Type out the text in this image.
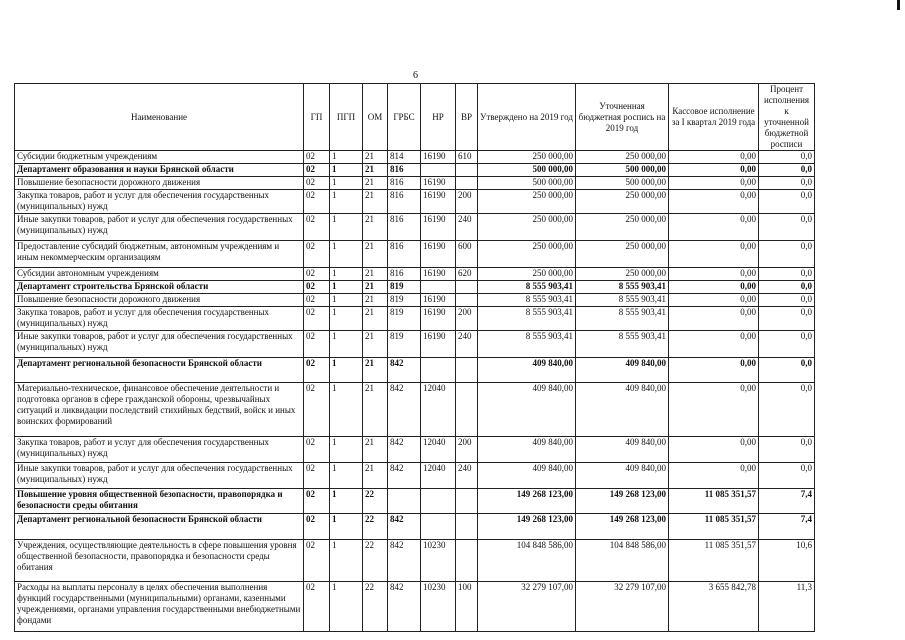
6
Наименование	ГП	ПГП	ОМ	ГРБС	НР	ВР	Утверждено на 2019 год	Уточненная бюджетная роспись на 2019 год	Кассовое исполнение за I квартал 2019 года	Процент исполнения к уточненной бюджетной росписи
Субсидии бюджетным учреждениям	02	1	21	814	16190	610	250 000,00	250 000,00	0,00	0,0
Департамент образования и науки Брянской области	02	1	21	816			500 000,00	500 000,00	0,00	0,0
Повышение безопасности дорожного движения	02	1	21	816	16190		500 000,00	500 000,00	0,00	0,0
Закупка товаров, работ и услуг для обеспечения государственных (муниципальных) нужд	02	1	21	816	16190	200	250 000,00	250 000,00	0,00	0,0
Иные закупки товаров, работ и услуг для обеспечения государственных (муниципальных) нужд	02	1	21	816	16190	240	250 000,00	250 000,00	0,00	0,0
Предоставление субсидий бюджетным, автономным учреждениям и иным некоммерческим организациям	02	1	21	816	16190	600	250 000,00	250 000,00	0,00	0,0
Субсидии автономным учреждениям	02	1	21	816	16190	620	250 000,00	250 000,00	0,00	0,0
Департамент строительства Брянской области	02	1	21	819			8 555 903,41	8 555 903,41	0,00	0,0
Повышение безопасности дорожного движения	02	1	21	819	16190		8 555 903,41	8 555 903,41	0,00	0,0
Закупка товаров, работ и услуг для обеспечения государственных (муниципальных) нужд	02	1	21	819	16190	200	8 555 903,41	8 555 903,41	0,00	0,0
Иные закупки товаров, работ и услуг для обеспечения государственных (муниципальных) нужд	02	1	21	819	16190	240	8 555 903,41	8 555 903,41	0,00	0,0
Департамент региональной безопасности Брянской области	02	1	21	842			409 840,00	409 840,00	0,00	0,0
Материально-техническое, финансовое обеспечение деятельности и подготовка органов в сфере гражданской обороны, чрезвычайных ситуаций и ликвидации последствий стихийных бедствий, войск и иных воинских формирований	02	1	21	842	12040		409 840,00	409 840,00	0,00	0,0
Закупка товаров, работ и услуг для обеспечения государственных (муниципальных) нужд	02	1	21	842	12040	200	409 840,00	409 840,00	0,00	0,0
Иные закупки товаров, работ и услуг для обеспечения государственных (муниципальных) нужд	02	1	21	842	12040	240	409 840,00	409 840,00	0,00	0,0
Повышение уровня общественной безопасности, правопорядка и безопасности среды обитания	02	1	22				149 268 123,00	149 268 123,00	11 085 351,57	7,4
Департамент региональной безопасности Брянской области	02	1	22	842			149 268 123,00	149 268 123,00	11 085 351,57	7,4
Учреждения, осуществляющие деятельность в сфере повышения уровня общественной безопасности, правопорядка и безопасности среды обитания	02	1	22	842	10230		104 848 586,00	104 848 586,00	11 085 351,57	10,6
Расходы на выплаты персоналу в целях обеспечения выполнения функций государственными (муниципальными) органами, казенными учреждениями, органами управления государственными внебюджетными фондами	02	1	22	842	10230	100	32 279 107,00	32 279 107,00	3 655 842,78	11,3
